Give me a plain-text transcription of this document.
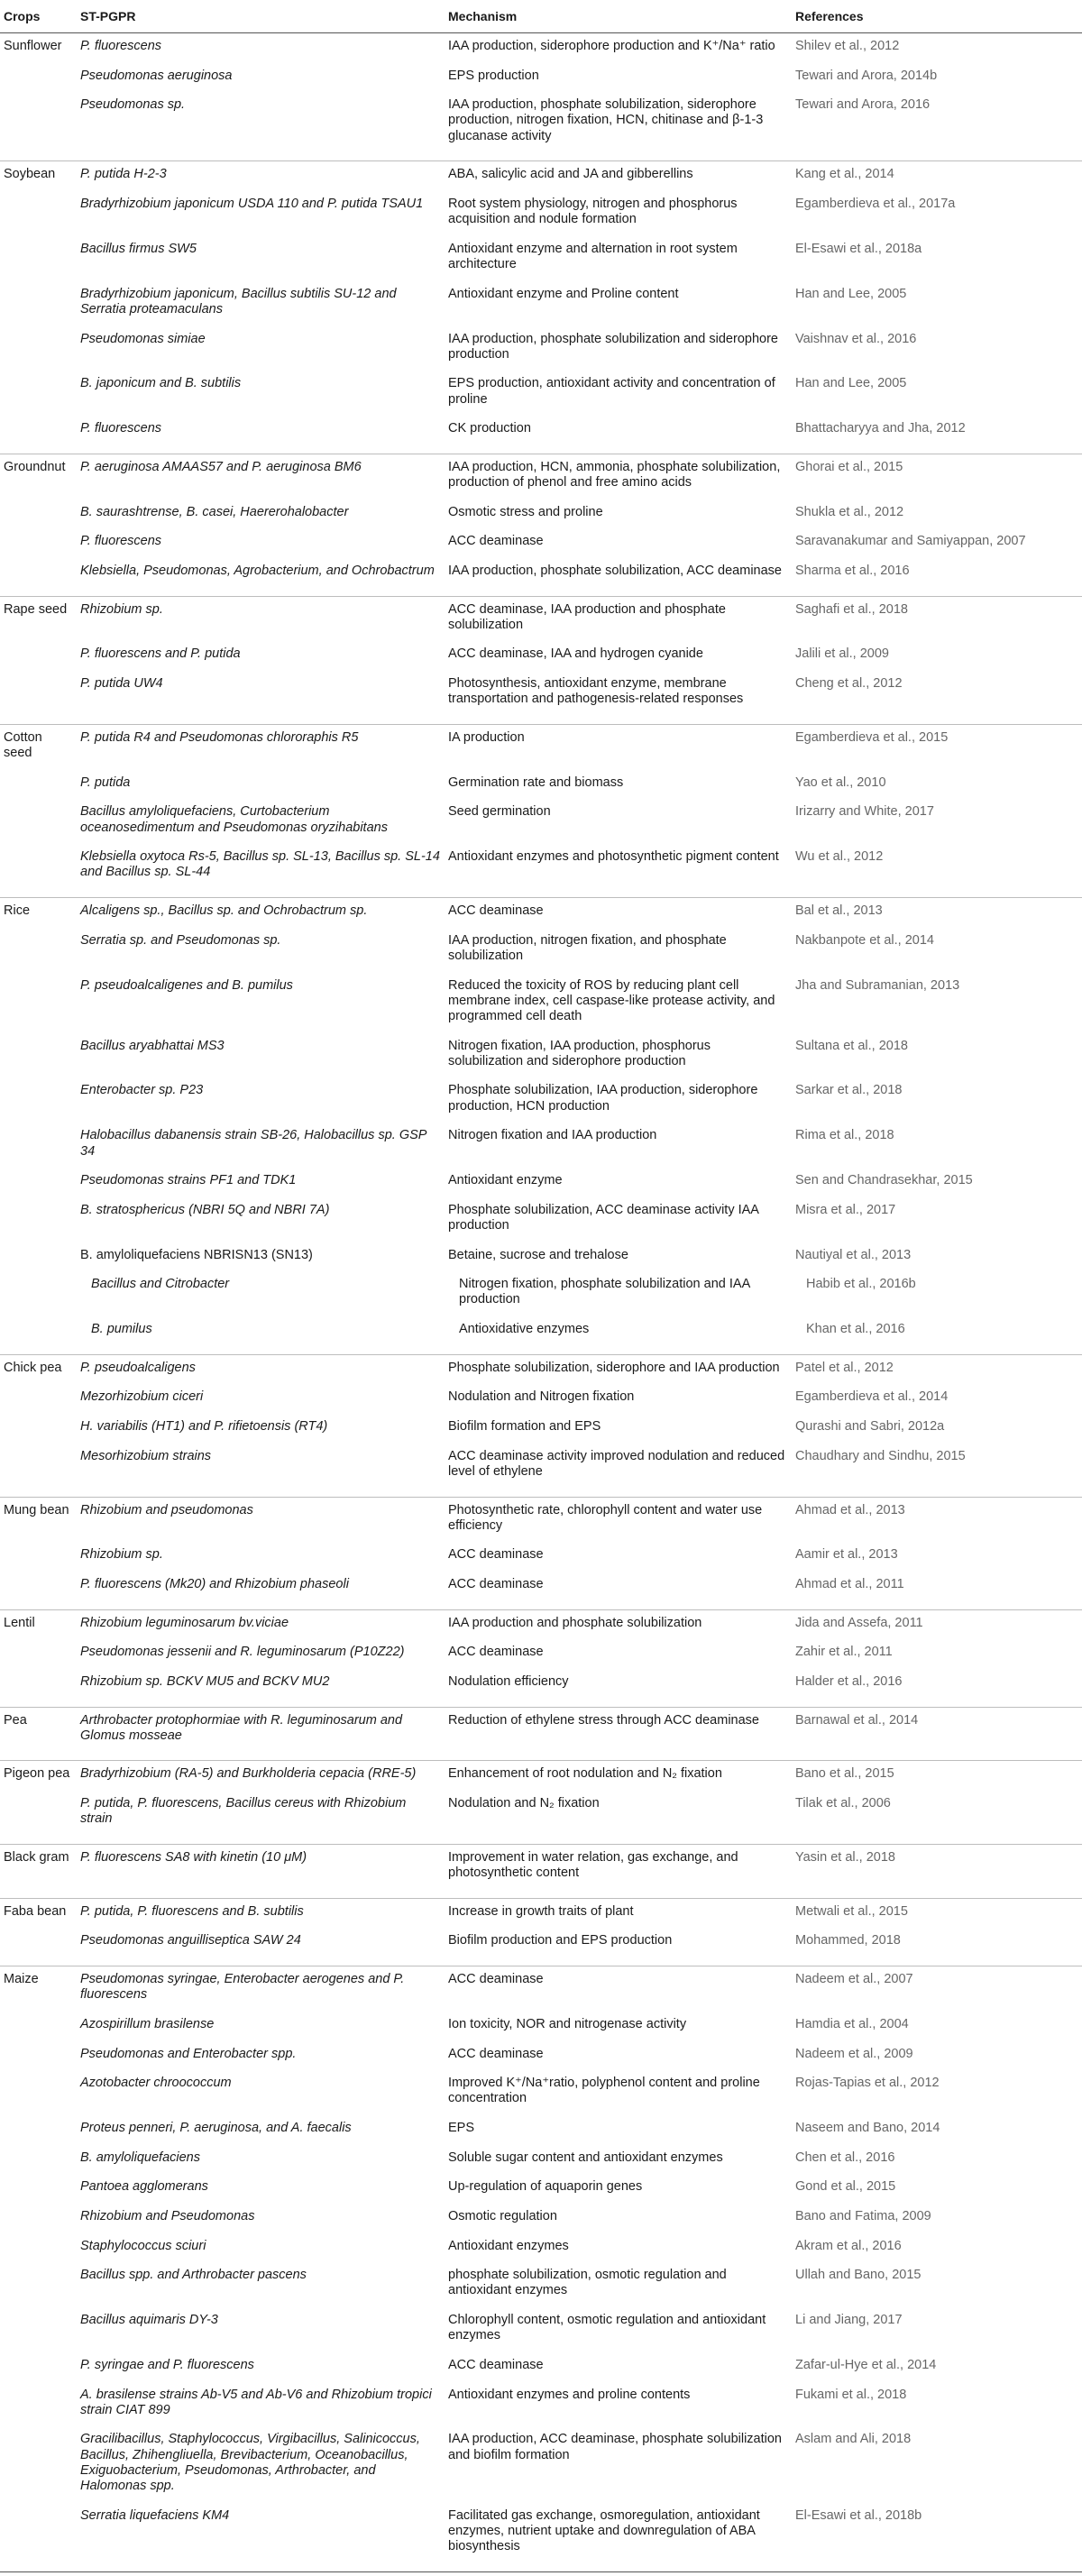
Crops	ST-PGPR	Mechanism	References
Sunflower	P. fluorescens	IAA production, siderophore production and K⁺/Na⁺ ratio	Shilev et al., 2012
	Pseudomonas aeruginosa	EPS production	Tewari and Arora, 2014b
	Pseudomonas sp.	IAA production, phosphate solubilization, siderophore production, nitrogen fixation, HCN, chitinase and β-1-3 glucanase activity	Tewari and Arora, 2016
Soybean	P. putida H-2-3	ABA, salicylic acid and JA and gibberellins	Kang et al., 2014
	Bradyrhizobium japonicum USDA 110 and P. putida TSAU1	Root system physiology, nitrogen and phosphorus acquisition and nodule formation	Egamberdieva et al., 2017a
	Bacillus firmus SW5	Antioxidant enzyme and alternation in root system architecture	El-Esawi et al., 2018a
	Bradyrhizobium japonicum, Bacillus subtilis SU-12 and Serratia proteamaculans	Antioxidant enzyme and Proline content	Han and Lee, 2005
	Pseudomonas simiae	IAA production, phosphate solubilization and siderophore production	Vaishnav et al., 2016
	B. japonicum and B. subtilis	EPS production, antioxidant activity and concentration of proline	Han and Lee, 2005
	P. fluorescens	CK production	Bhattacharyya and Jha, 2012
Groundnut	P. aeruginosa AMAAS57 and P. aeruginosa BM6	IAA production, HCN, ammonia, phosphate solubilization, production of phenol and free amino acids	Ghorai et al., 2015
	B. saurashtrense, B. casei, Haererohalobacter	Osmotic stress and proline	Shukla et al., 2012
	P. fluorescens	ACC deaminase	Saravanakumar and Samiyappan, 2007
	Klebsiella, Pseudomonas, Agrobacterium, and Ochrobactrum	IAA production, phosphate solubilization, ACC deaminase	Sharma et al., 2016
Rape seed	Rhizobium sp.	ACC deaminase, IAA production and phosphate solubilization	Saghafi et al., 2018
	P. fluorescens and P. putida	ACC deaminase, IAA and hydrogen cyanide	Jalili et al., 2009
	P. putida UW4	Photosynthesis, antioxidant enzyme, membrane transportation and pathogenesis-related responses	Cheng et al., 2012
Cotton seed	P. putida R4 and Pseudomonas chlororaphis R5	IA production	Egamberdieva et al., 2015
	P. putida	Germination rate and biomass	Yao et al., 2010
	Bacillus amyloliquefaciens, Curtobacterium oceanosedimentum and Pseudomonas oryzihabitans	Seed germination	Irizarry and White, 2017
	Klebsiella oxytoca Rs-5, Bacillus sp. SL-13, Bacillus sp. SL-14 and Bacillus sp. SL-44	Antioxidant enzymes and photosynthetic pigment content	Wu et al., 2012
Rice	Alcaligens sp., Bacillus sp. and Ochrobactrum sp.	ACC deaminase	Bal et al., 2013
	Serratia sp. and Pseudomonas sp.	IAA production, nitrogen fixation, and phosphate solubilization	Nakbanpote et al., 2014
	P. pseudoalcaligenes and B. pumilus	Reduced the toxicity of ROS by reducing plant cell membrane index, cell caspase-like protease activity, and programmed cell death	Jha and Subramanian, 2013
	Bacillus aryabhattai MS3	Nitrogen fixation, IAA production, phosphorus solubilization and siderophore production	Sultana et al., 2018
	Enterobacter sp. P23	Phosphate solubilization, IAA production, siderophore production, HCN production	Sarkar et al., 2018
	Halobacillus dabanensis strain SB-26, Halobacillus sp. GSP 34	Nitrogen fixation and IAA production	Rima et al., 2018
	Pseudomonas strains PF1 and TDK1	Antioxidant enzyme	Sen and Chandrasekhar, 2015
	B. stratosphericus (NBRI 5Q and NBRI 7A)	Phosphate solubilization, ACC deaminase activity IAA production	Misra et al., 2017
	B. amyloliquefaciens NBRISN13 (SN13)	Betaine, sucrose and trehalose	Nautiyal et al., 2013
	Bacillus and Citrobacter	Nitrogen fixation, phosphate solubilization and IAA production	Habib et al., 2016b
	B. pumilus	Antioxidative enzymes	Khan et al., 2016
Chick pea	P. pseudoalcaligens	Phosphate solubilization, siderophore and IAA production	Patel et al., 2012
	Mezorhizobium ciceri	Nodulation and Nitrogen fixation	Egamberdieva et al., 2014
	H. variabilis (HT1) and P. rifietoensis (RT4)	Biofilm formation and EPS	Qurashi and Sabri, 2012a
	Mesorhizobium strains	ACC deaminase activity improved nodulation and reduced level of ethylene	Chaudhary and Sindhu, 2015
Mung bean	Rhizobium and pseudomonas	Photosynthetic rate, chlorophyll content and water use efficiency	Ahmad et al., 2013
	Rhizobium sp.	ACC deaminase	Aamir et al., 2013
	P. fluorescens (Mk20) and Rhizobium phaseoli	ACC deaminase	Ahmad et al., 2011
Lentil	Rhizobium leguminosarum bv.viciae	IAA production and phosphate solubilization	Jida and Assefa, 2011
	Pseudomonas jessenii and R. leguminosarum (P10Z22)	ACC deaminase	Zahir et al., 2011
	Rhizobium sp. BCKV MU5 and BCKV MU2	Nodulation efficiency	Halder et al., 2016
Pea	Arthrobacter protophormiae with R. leguminosarum and Glomus mosseae	Reduction of ethylene stress through ACC deaminase	Barnawal et al., 2014
Pigeon pea	Bradyrhizobium (RA-5) and Burkholderia cepacia (RRE-5)	Enhancement of root nodulation and N₂ fixation	Bano et al., 2015
	P. putida, P. fluorescens, Bacillus cereus with Rhizobium strain	Nodulation and N₂ fixation	Tilak et al., 2006
Black gram	P. fluorescens SA8 with kinetin (10 μM)	Improvement in water relation, gas exchange, and photosynthetic content	Yasin et al., 2018
Faba bean	P. putida, P. fluorescens and B. subtilis	Increase in growth traits of plant	Metwali et al., 2015
	Pseudomonas anguilliseptica SAW 24	Biofilm production and EPS production	Mohammed, 2018
Maize	Pseudomonas syringae, Enterobacter aerogenes and P. fluorescens	ACC deaminase	Nadeem et al., 2007
	Azospirillum brasilense	Ion toxicity, NOR and nitrogenase activity	Hamdia et al., 2004
	Pseudomonas and Enterobacter spp.	ACC deaminase	Nadeem et al., 2009
	Azotobacter chroococcum	Improved K⁺/Na⁺ratio, polyphenol content and proline concentration	Rojas-Tapias et al., 2012
	Proteus penneri, P. aeruginosa, and A. faecalis	EPS	Naseem and Bano, 2014
	B. amyloliquefaciens	Soluble sugar content and antioxidant enzymes	Chen et al., 2016
	Pantoea agglomerans	Up-regulation of aquaporin genes	Gond et al., 2015
	Rhizobium and Pseudomonas	Osmotic regulation	Bano and Fatima, 2009
	Staphylococcus sciuri	Antioxidant enzymes	Akram et al., 2016
	Bacillus spp. and Arthrobacter pascens	phosphate solubilization, osmotic regulation and antioxidant enzymes	Ullah and Bano, 2015
	Bacillus aquimaris DY-3	Chlorophyll content, osmotic regulation and antioxidant enzymes	Li and Jiang, 2017
	P. syringae and P. fluorescens	ACC deaminase	Zafar-ul-Hye et al., 2014
	A. brasilense strains Ab-V5 and Ab-V6 and Rhizobium tropici strain CIAT 899	Antioxidant enzymes and proline contents	Fukami et al., 2018
	Gracilibacillus, Staphylococcus, Virgibacillus, Salinicoccus, Bacillus, Zhihengliuella, Brevibacterium, Oceanobacillus, Exiguobacterium, Pseudomonas, Arthrobacter, and Halomonas spp.	IAA production, ACC deaminase, phosphate solubilization and biofilm formation	Aslam and Ali, 2018
	Serratia liquefaciens KM4	Facilitated gas exchange, osmoregulation, antioxidant enzymes, nutrient uptake and downregulation of ABA biosynthesis	El-Esawi et al., 2018b
